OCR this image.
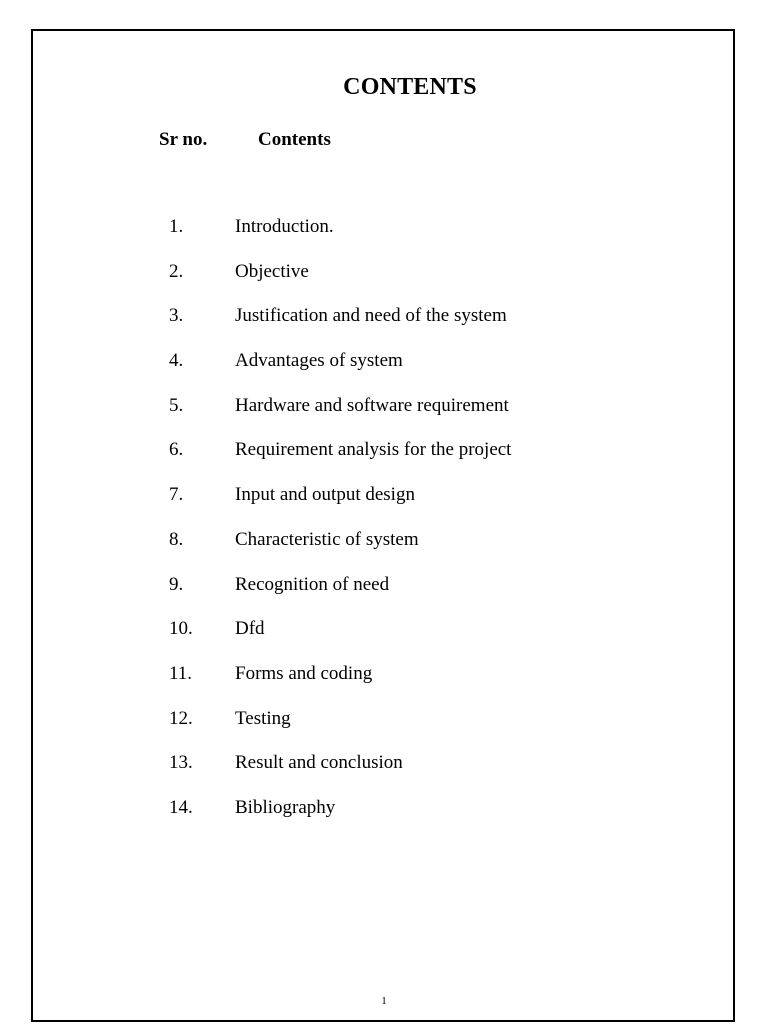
CONTENTS
Sr no.	Contents
1.	Introduction.
2.	Objective
3.	Justification and need of the system
4.	Advantages of system
5.	Hardware and software requirement
6.	Requirement analysis for the project
7.	Input and output design
8.	Characteristic of system
9.	Recognition of need
10. Dfd
11. Forms and coding
12. Testing
13. Result and conclusion
14. Bibliography
1
